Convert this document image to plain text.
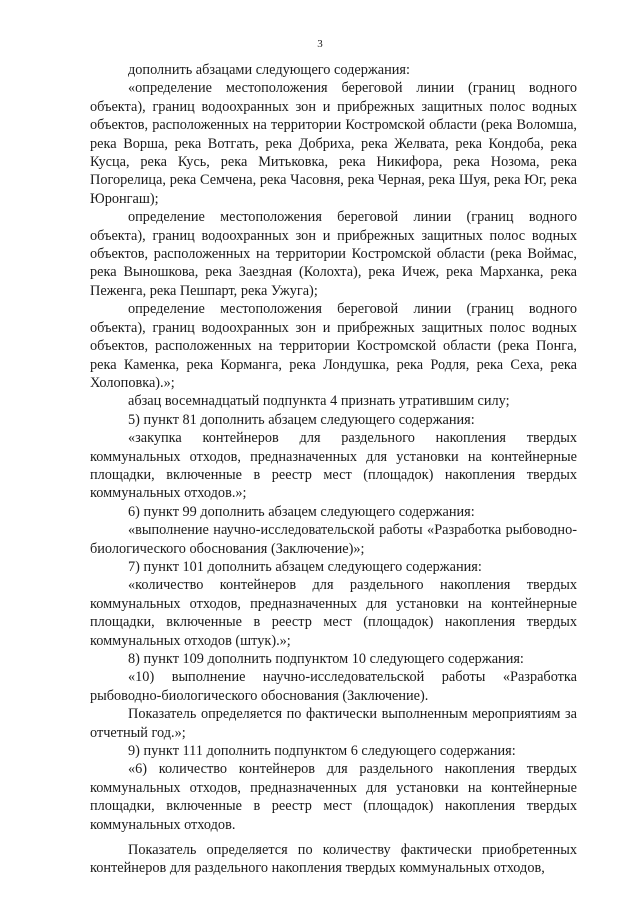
3

дополнить абзацами следующего содержания:

«определение местоположения береговой линии (границ водного объекта), границ водоохранных зон и прибрежных защитных полос водных объектов, расположенных на территории Костромской области (река Воломша, река Ворша, река Вотгать, река Добриха, река Желвата, река Кондоба, река Кусца, река Кусь, река Митьковка, река Никифора, река Нозома, река Погорелица, река Семчена, река Часовня, река Черная, река Шуя, река Юг, река Юронгаш);

определение местоположения береговой линии (границ водного объекта), границ водоохранных зон и прибрежных защитных полос водных объектов, расположенных на территории Костромской области (река Воймас, река Выношкова, река Заездная (Колохта), река Ичеж, река Марханка, река Пеженга, река Пешпарт, река Ужуга);

определение местоположения береговой линии (границ водного объекта), границ водоохранных зон и прибрежных защитных полос водных объектов, расположенных на территории Костромской области (река Понга, река Каменка, река Корманга, река Лондушка, река Родля, река Сеха, река Холоповка).»;

абзац восемнадцатый подпункта 4 признать утратившим силу;

5) пункт 81 дополнить абзацем следующего содержания:

«закупка контейнеров для раздельного накопления твердых коммунальных отходов, предназначенных для установки на контейнерные площадки, включенные в реестр мест (площадок) накопления твердых коммунальных отходов.»;

6) пункт 99 дополнить абзацем следующего содержания:

«выполнение научно-исследовательской работы «Разработка рыбоводно-биологического обоснования (Заключение)»;

7) пункт 101 дополнить абзацем следующего содержания:

«количество контейнеров для раздельного накопления твердых коммунальных отходов, предназначенных для установки на контейнерные площадки, включенные в реестр мест (площадок) накопления твердых коммунальных отходов (штук).»;

8) пункт 109 дополнить подпунктом 10 следующего содержания:

«10) выполнение научно-исследовательской работы «Разработка рыбоводно-биологического обоснования (Заключение).

Показатель определяется по фактически выполненным мероприятиям за отчетный год.»;

9) пункт 111 дополнить подпунктом 6 следующего содержания:

«6) количество контейнеров для раздельного накопления твердых коммунальных отходов, предназначенных для установки на контейнерные площадки, включенные в реестр мест (площадок) накопления твердых коммунальных отходов.

Показатель определяется по количеству фактически приобретенных контейнеров для раздельного накопления твердых коммунальных отходов,
